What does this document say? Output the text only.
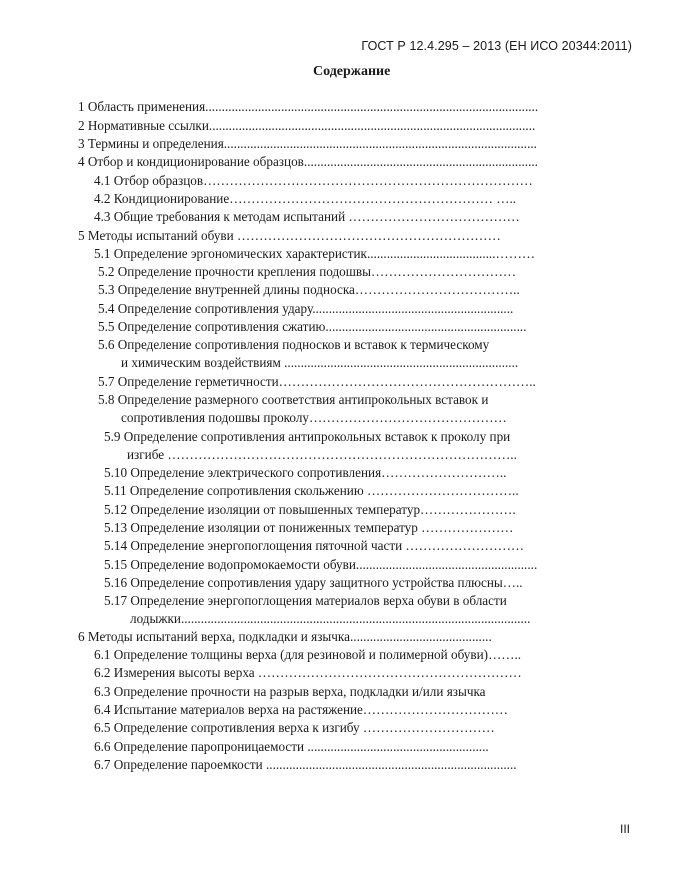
ГОСТ Р 12.4.295 – 2013 (ЕН ИСО 20344:2011)
Содержание
1 Область применения.....................................................................................................
2 Нормативные ссылки...................................................................................................
3 Термины и определения...............................................................................................
4 Отбор и кондиционирование образцов.......................................................................
4.1 Отбор образцов…………………………………………………………………
4.2 Кондиционирование…………………………………………………… …..
4.3 Общие требования к методам испытаний …………………………………
5 Методы испытаний обуви ……………………………………………………
5.1 Определение эргономических характеристик.......................................………
5.2 Определение прочности крепления подошвы……………………………
5.3 Определение внутренней длины подноска………………………………..
5.4 Определение сопротивления удару.............................................................
5.5 Определение сопротивления сжатию.............................................................
5.6 Определение сопротивления подносков и вставок к термическому
и химическим воздействиям .......................................................................
5.7 Определение герметичности…………………………………………………..
5.8 Определение размерного соответствия антипрокольных вставок и
сопротивления подошвы проколу………………………………………
5.9 Определение сопротивления антипрокольных вставок к проколу при
изгибе ……………………………………………………………………..
5.10 Определение электрического сопротивления………………………..
5.11 Определение сопротивления скольжению ……………………………..
5.12 Определение изоляции от повышенных температур………………….
5.13 Определение изоляции от пониженных температур …………………
5.14 Определение энергопоглощения пяточной части ………………………
5.15 Определение водопромокаемости обуви.......................................................
5.16 Определение сопротивления удару защитного устройства плюсны…..
5.17 Определение энергопоглощения материалов верха обуви в области
лодыжки..........................................................................................................
6 Методы испытаний верха, подкладки и язычка...........................................
6.1 Определение толщины верха (для резиновой и полимерной обуви)……..
6.2 Измерения высоты верха ……………………………………………………
6.3 Определение прочности на разрыв верха, подкладки и/или язычка
6.4 Испытание материалов верха на растяжение……………………………
6.5 Определение сопротивления верха к изгибу …………………………
6.6 Определение паропроницаемости .......................................................
6.7 Определение пароемкости ............................................................................
III
